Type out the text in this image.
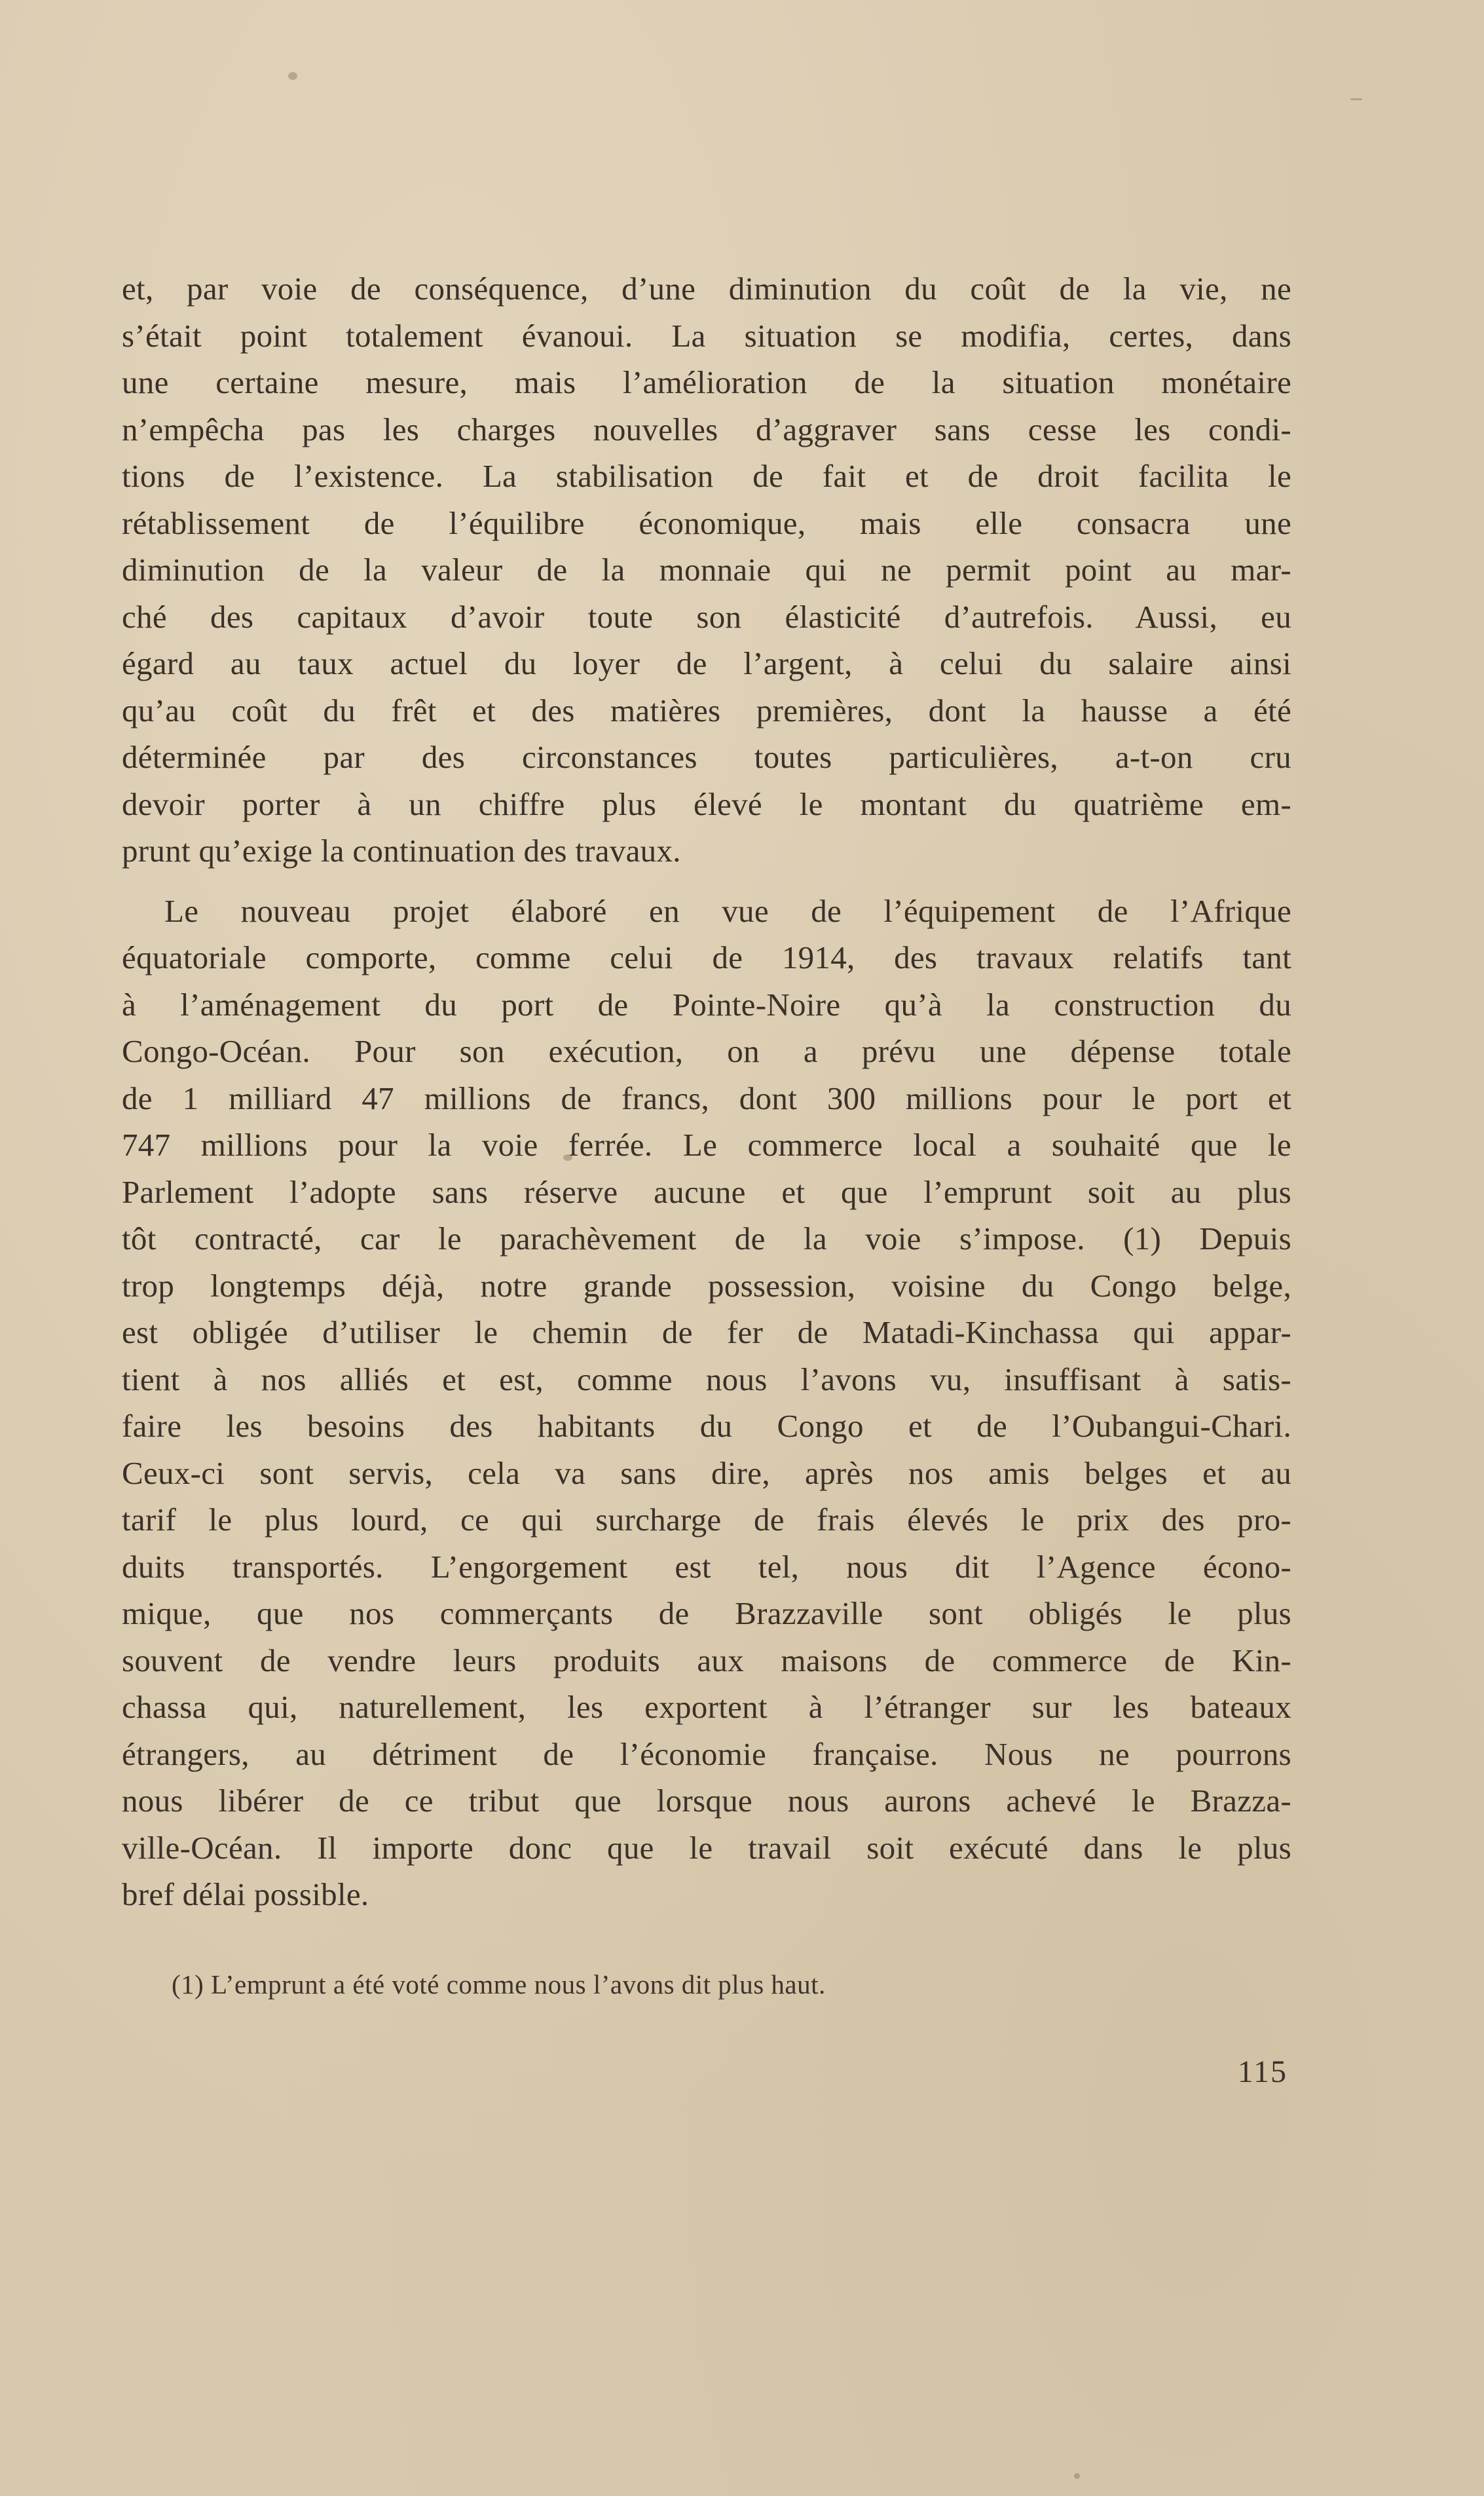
et, par voie de conséquence, d’une diminution du coût de la vie, ne
s’était point totalement évanoui. La situation se modifia, certes, dans
une certaine mesure, mais l’amélioration de la situation monétaire
n’empêcha pas les charges nouvelles d’aggraver sans cesse les condi-
tions de l’existence. La stabilisation de fait et de droit facilita le
rétablissement de l’équilibre économique, mais elle consacra une
diminution de la valeur de la monnaie qui ne permit point au mar-
ché des capitaux d’avoir toute son élasticité d’autrefois. Aussi, eu
égard au taux actuel du loyer de l’argent, à celui du salaire ainsi
qu’au coût du frêt et des matières premières, dont la hausse a été
déterminée par des circonstances toutes particulières, a-t-on cru
devoir porter à un chiffre plus élevé le montant du quatrième em-
prunt qu’exige la continuation des travaux.
Le nouveau projet élaboré en vue de l’équipement de l’Afrique
équatoriale comporte, comme celui de 1914, des travaux relatifs tant
à l’aménagement du port de Pointe-Noire qu’à la construction du
Congo-Océan. Pour son exécution, on a prévu une dépense totale
de 1 milliard 47 millions de francs, dont 300 millions pour le port et
747 millions pour la voie ferrée. Le commerce local a souhaité que le
Parlement l’adopte sans réserve aucune et que l’emprunt soit au plus
tôt contracté, car le parachèvement de la voie s’impose. (1) Depuis
trop longtemps déjà, notre grande possession, voisine du Congo belge,
est obligée d’utiliser le chemin de fer de Matadi-Kinchassa qui appar-
tient à nos alliés et est, comme nous l’avons vu, insuffisant à satis-
faire les besoins des habitants du Congo et de l’Oubangui-Chari.
Ceux-ci sont servis, cela va sans dire, après nos amis belges et au
tarif le plus lourd, ce qui surcharge de frais élevés le prix des pro-
duits transportés. L’engorgement est tel, nous dit l’Agence écono-
mique, que nos commerçants de Brazzaville sont obligés le plus
souvent de vendre leurs produits aux maisons de commerce de Kin-
chassa qui, naturellement, les exportent à l’étranger sur les bateaux
étrangers, au détriment de l’économie française. Nous ne pourrons
nous libérer de ce tribut que lorsque nous aurons achevé le Brazza-
ville-Océan. Il importe donc que le travail soit exécuté dans le plus
bref délai possible.
(1) L’emprunt a été voté comme nous l’avons dit plus haut.
115
